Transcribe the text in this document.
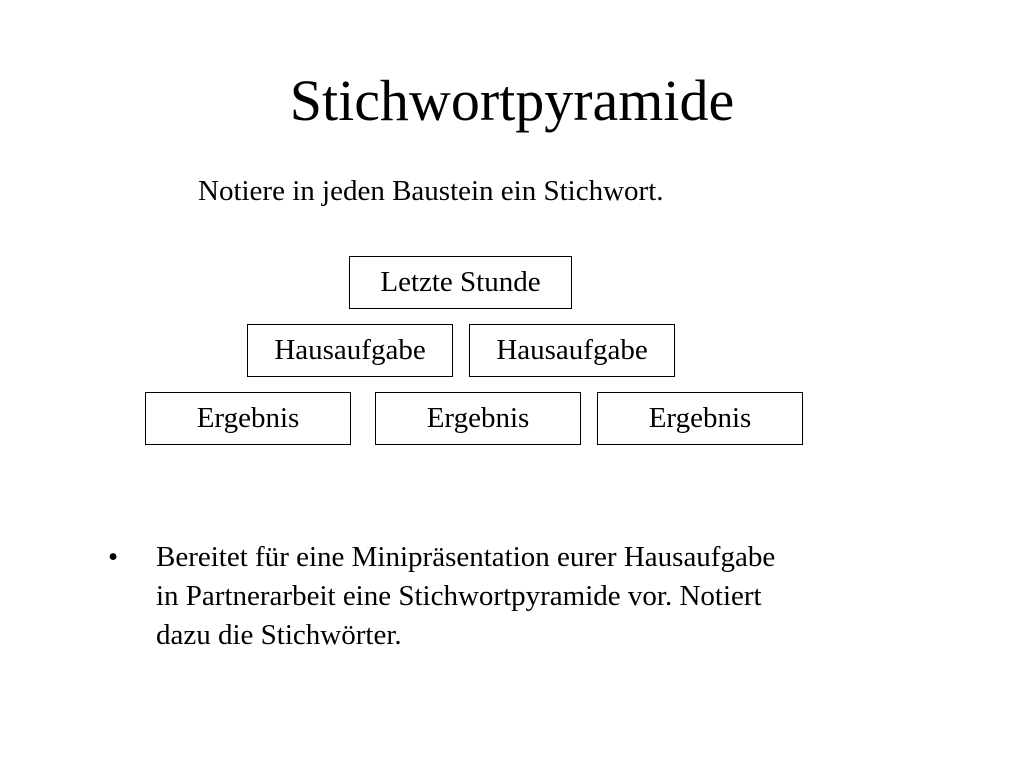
Stichwortpyramide
Notiere in jeden Baustein ein Stichwort.
Letzte Stunde
Hausaufgabe	Hausaufgabe
Ergebnis	Ergebnis	Ergebnis
• Bereitet für eine Minipräsentation eurer Hausaufgabe
in Partnerarbeit eine Stichwortpyramide vor. Notiert
dazu die Stichwörter.
